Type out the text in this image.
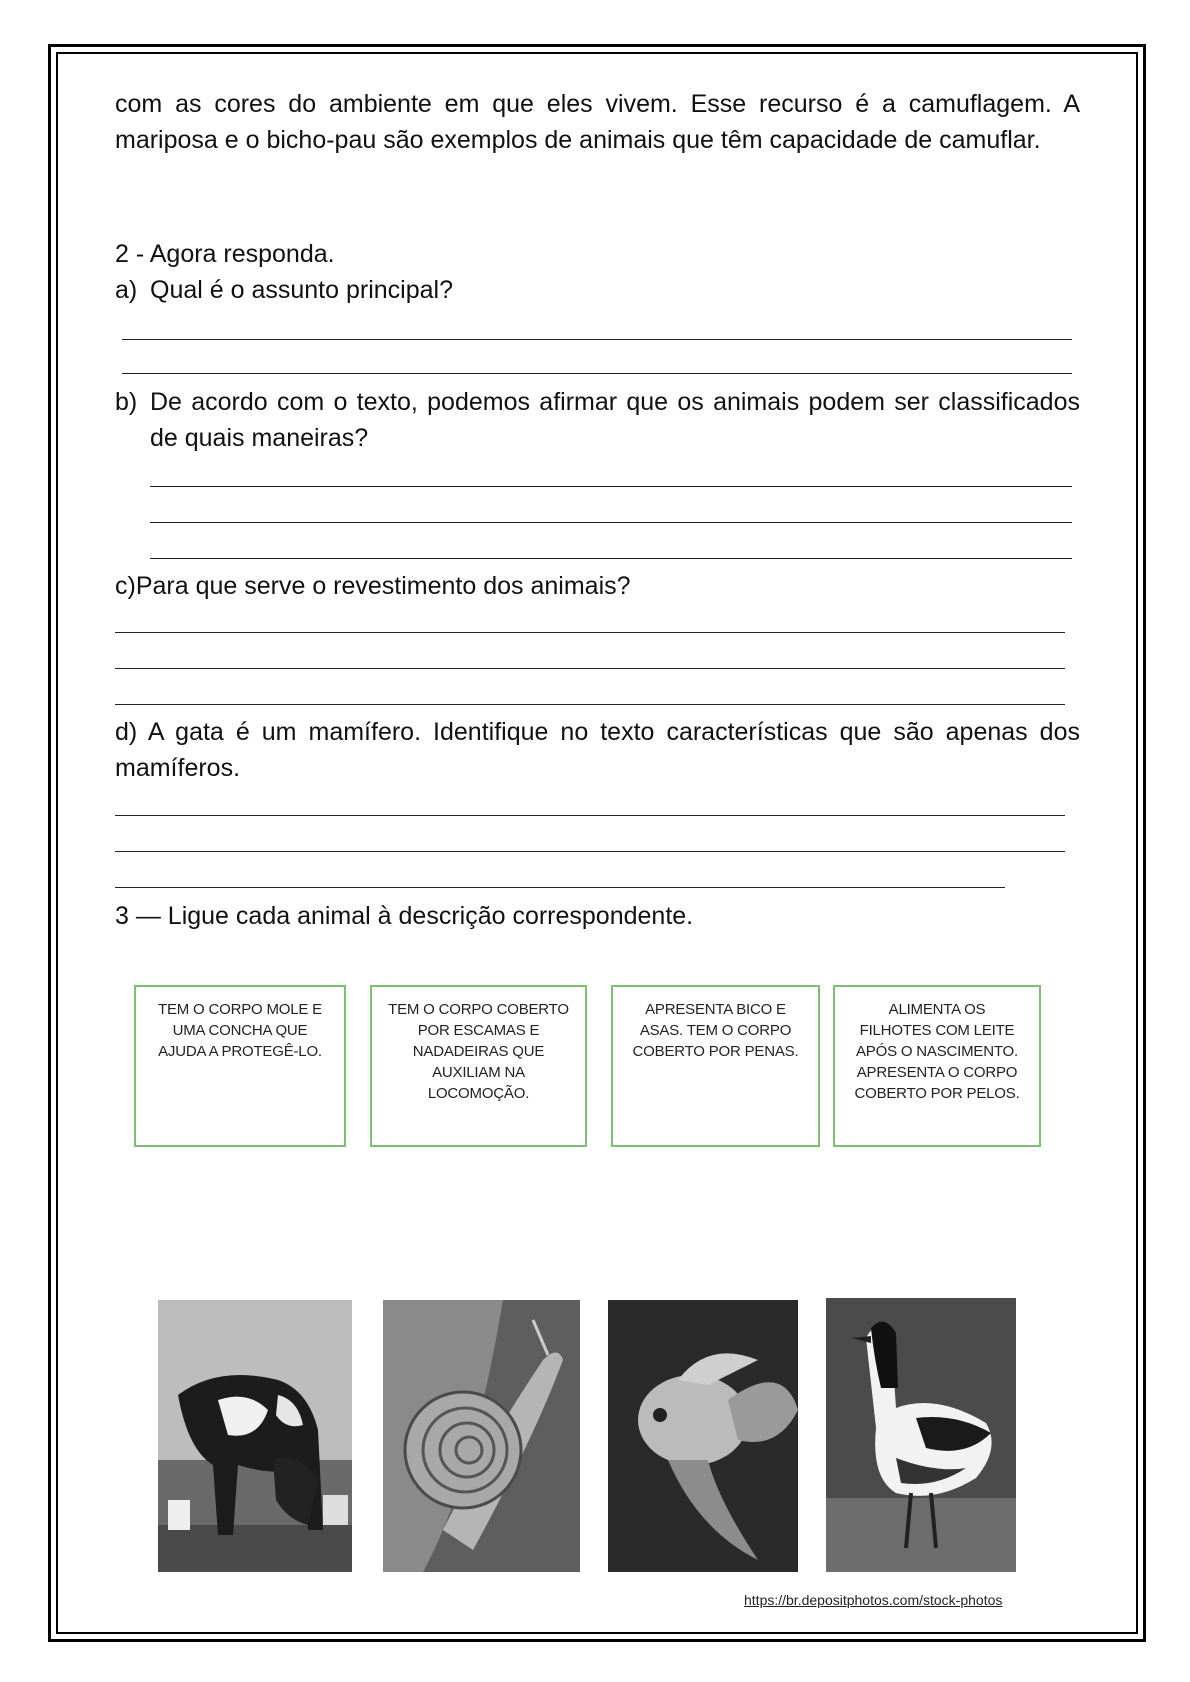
com as cores do ambiente em que eles vivem. Esse recurso é a camuflagem. A mariposa e o bicho-pau são exemplos de animais que têm capacidade de camuflar.
2 - Agora responda.
a) Qual é o assunto principal?
b) De acordo com o texto, podemos afirmar que os animais podem ser classificados de quais maneiras?
c)Para que serve o revestimento dos animais?
d) A gata é um mamífero. Identifique no texto características que são apenas dos mamíferos.
3 — Ligue cada animal à descrição correspondente.
TEM O CORPO MOLE E
UMA CONCHA QUE
AJUDA A PROTEGÊ-LO.
TEM O CORPO COBERTO
POR ESCAMAS E
NADADEIRAS QUE
AUXILIAM NA
LOCOMOÇÃO.
APRESENTA BICO E
ASAS. TEM O CORPO
COBERTO POR PENAS.
ALIMENTA OS
FILHOTES COM LEITE
APÓS O NASCIMENTO.
APRESENTA O CORPO
COBERTO POR PELOS.
https://br.depositphotos.com/stock-photos
